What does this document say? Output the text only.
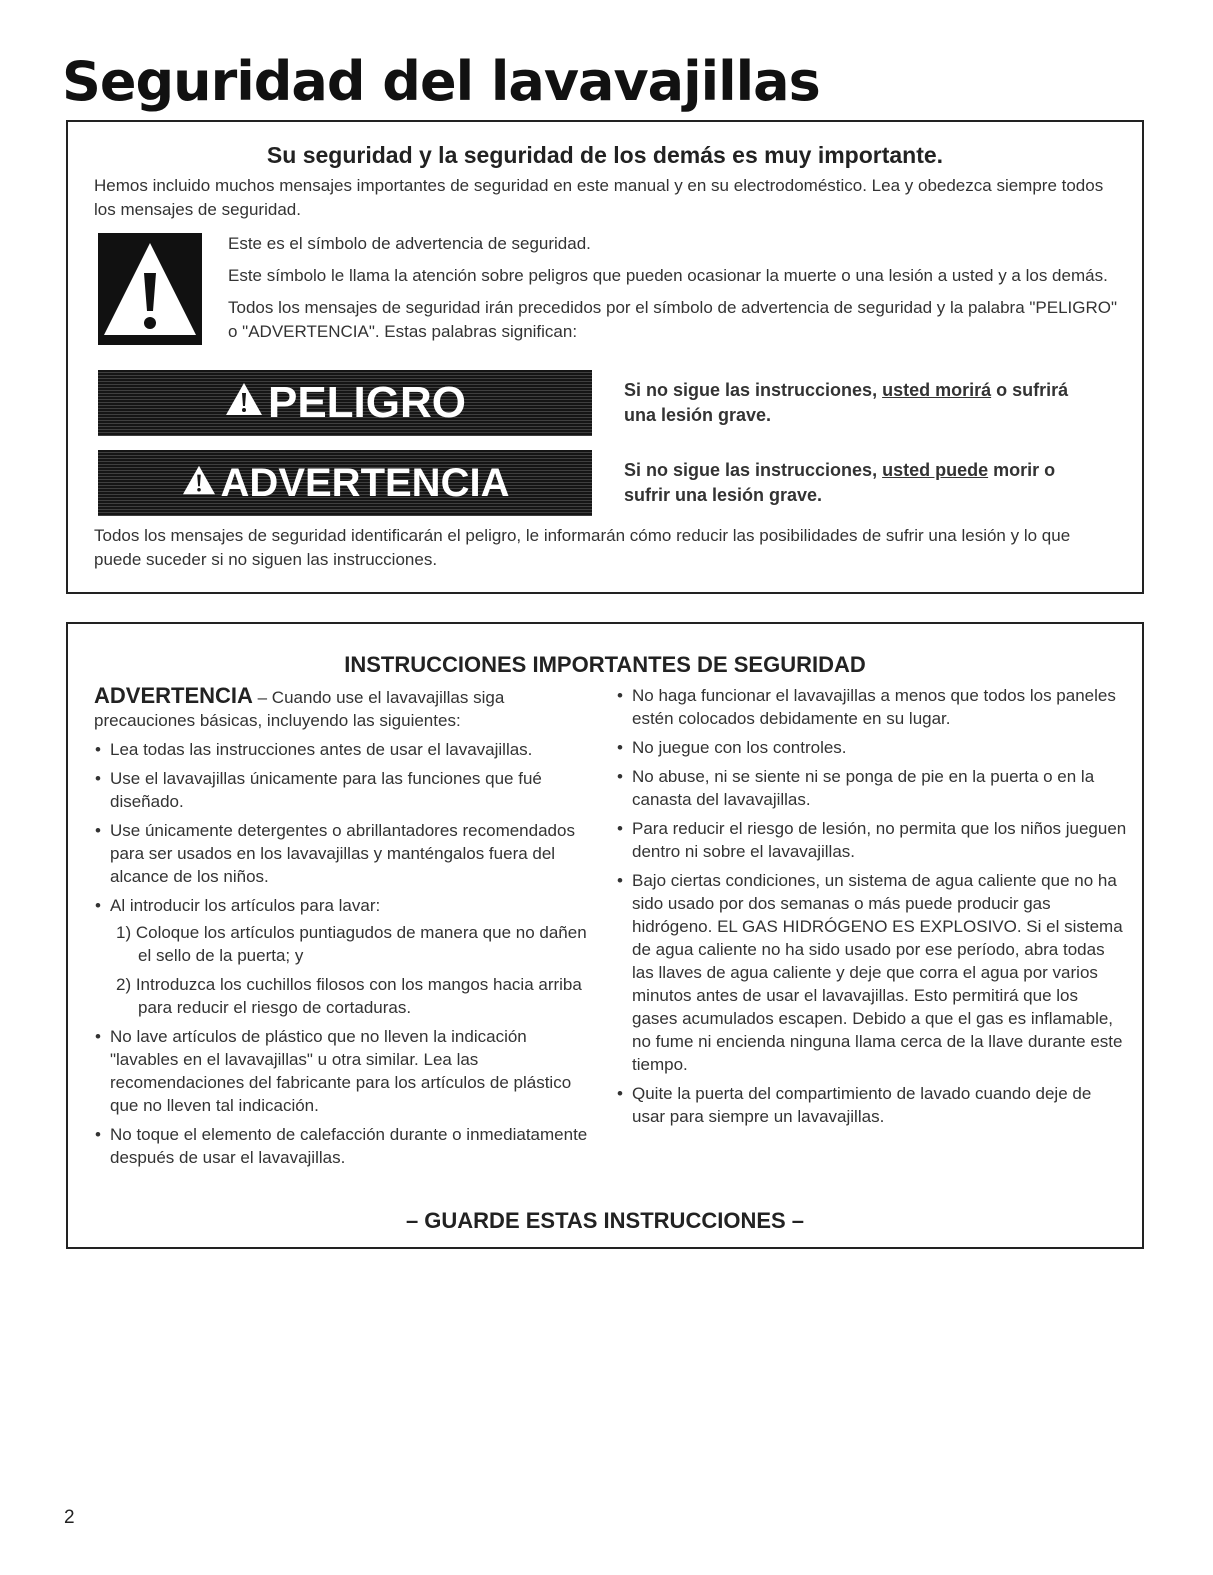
Seguridad del lavavajillas
Su seguridad y la seguridad de los demás es muy importante.
Hemos incluido muchos mensajes importantes de seguridad en este manual y en su electrodoméstico. Lea y obedezca siempre todos los mensajes de seguridad.

Este es el símbolo de advertencia de seguridad.

Este símbolo le llama la atención sobre peligros que pueden ocasionar la muerte o una lesión a usted y a los demás.

Todos los mensajes de seguridad irán precedidos por el símbolo de advertencia de seguridad y la palabra "PELIGRO" o "ADVERTENCIA". Estas palabras significan:

PELIGRO	Si no sigue las instrucciones, usted morirá o sufrirá una lesión grave.
ADVERTENCIA	Si no sigue las instrucciones, usted puede morir o sufrir una lesión grave.
Todos los mensajes de seguridad identificarán el peligro, le informarán cómo reducir las posibilidades de sufrir una lesión y lo que puede suceder si no siguen las instrucciones.
INSTRUCCIONES IMPORTANTES DE SEGURIDAD
ADVERTENCIA – Cuando use el lavavajillas siga precauciones básicas, incluyendo las siguientes:
• Lea todas las instrucciones antes de usar el lavavajillas.
• Use el lavavajillas únicamente para las funciones que fué diseñado.
• Use únicamente detergentes o abrillantadores recomendados para ser usados en los lavavajillas y manténgalos fuera del alcance de los niños.
• Al introducir los artículos para lavar:
1) Coloque los artículos puntiagudos de manera que no dañen el sello de la puerta; y
2) Introduzca los cuchillos filosos con los mangos hacia arriba para reducir el riesgo de cortaduras.
• No lave artículos de plástico que no lleven la indicación "lavables en el lavavajillas" u otra similar. Lea las recomendaciones del fabricante para los artículos de plástico que no lleven tal indicación.
• No toque el elemento de calefacción durante o inmediatamente después de usar el lavavajillas.
• No haga funcionar el lavavajillas a menos que todos los paneles estén colocados debidamente en su lugar.
• No juegue con los controles.
• No abuse, ni se siente ni se ponga de pie en la puerta o en la canasta del lavavajillas.
• Para reducir el riesgo de lesión, no permita que los niños jueguen dentro ni sobre el lavavajillas.
• Bajo ciertas condiciones, un sistema de agua caliente que no ha sido usado por dos semanas o más puede producir gas hidrógeno. EL GAS HIDRÓGENO ES EXPLOSIVO. Si el sistema de agua caliente no ha sido usado por ese período, abra todas las llaves de agua caliente y deje que corra el agua por varios minutos antes de usar el lavavajillas. Esto permitirá que los gases acumulados escapen. Debido a que el gas es inflamable, no fume ni encienda ninguna llama cerca de la llave durante este tiempo.
• Quite la puerta del compartimiento de lavado cuando deje de usar para siempre un lavavajillas.
– GUARDE ESTAS INSTRUCCIONES –
2
